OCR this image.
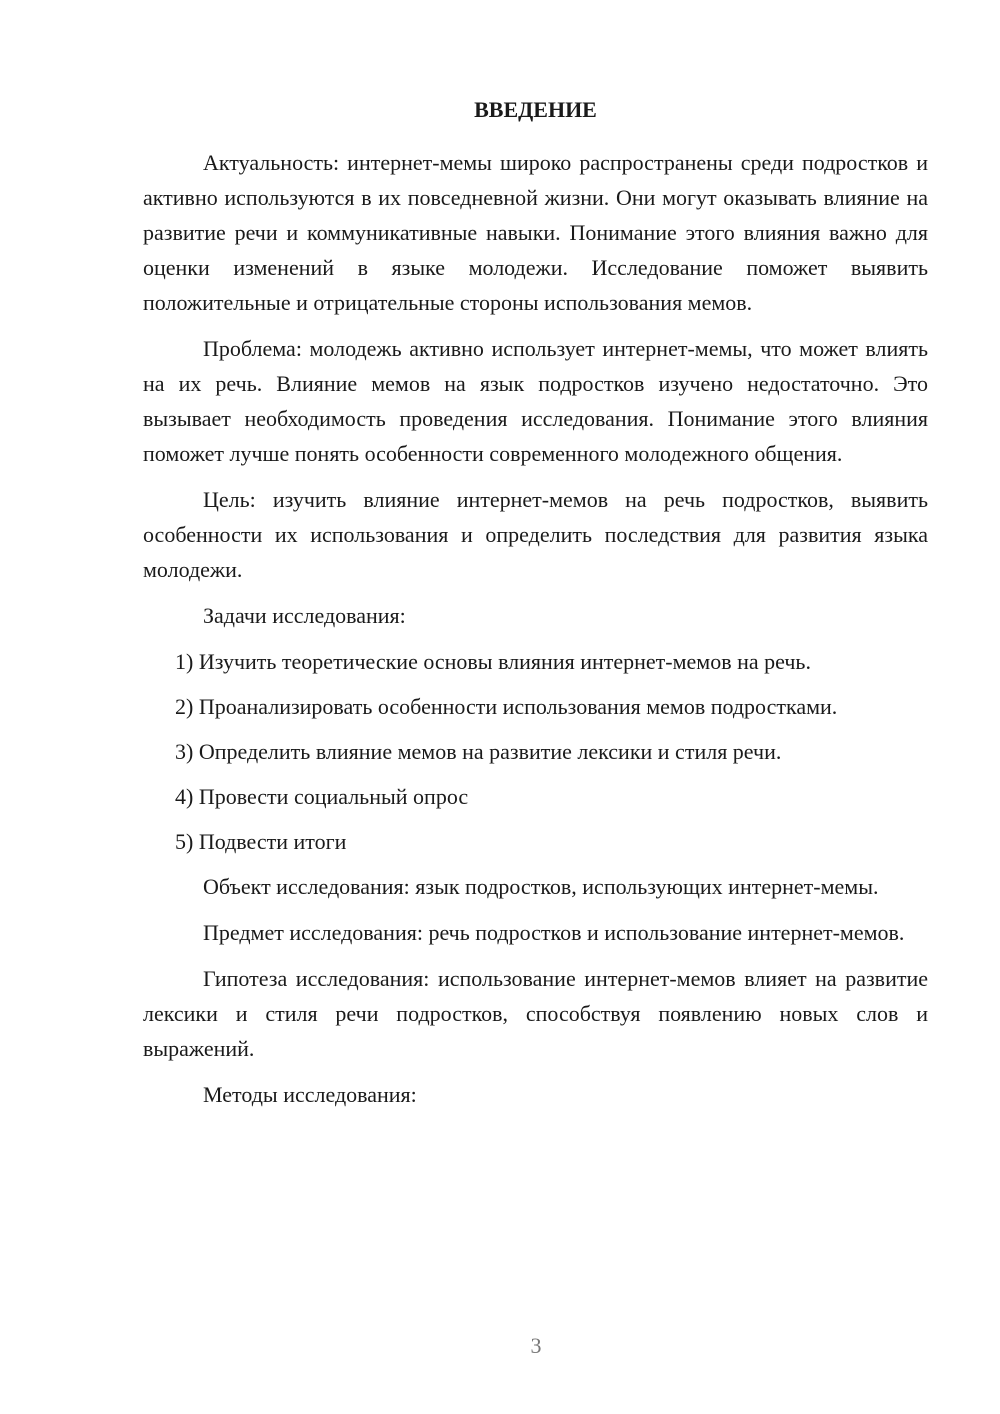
ВВЕДЕНИЕ

Актуальность: интернет-мемы широко распространены среди подростков и активно используются в их повседневной жизни. Они могут оказывать влияние на развитие речи и коммуникативные навыки. Понимание этого влияния важно для оценки изменений в языке молодежи. Исследование поможет выявить положительные и отрицательные стороны использования мемов.

Проблема: молодежь активно использует интернет-мемы, что может влиять на их речь. Влияние мемов на язык подростков изучено недостаточно. Это вызывает необходимость проведения исследования. Понимание этого влияния поможет лучше понять особенности современного молодежного общения.

Цель: изучить влияние интернет-мемов на речь подростков, выявить особенности их использования и определить последствия для развития языка молодежи.

Задачи исследования:

1) Изучить теоретические основы влияния интернет-мемов на речь.

2) Проанализировать особенности использования мемов подростками.

3) Определить влияние мемов на развитие лексики и стиля речи.

4) Провести социальный опрос

5) Подвести итоги

Объект исследования: язык подростков, использующих интернет-мемы.

Предмет исследования: речь подростков и использование интернет-мемов.

Гипотеза исследования: использование интернет-мемов влияет на развитие лексики и стиля речи подростков, способствуя появлению новых слов и выражений.

Методы исследования:

3
